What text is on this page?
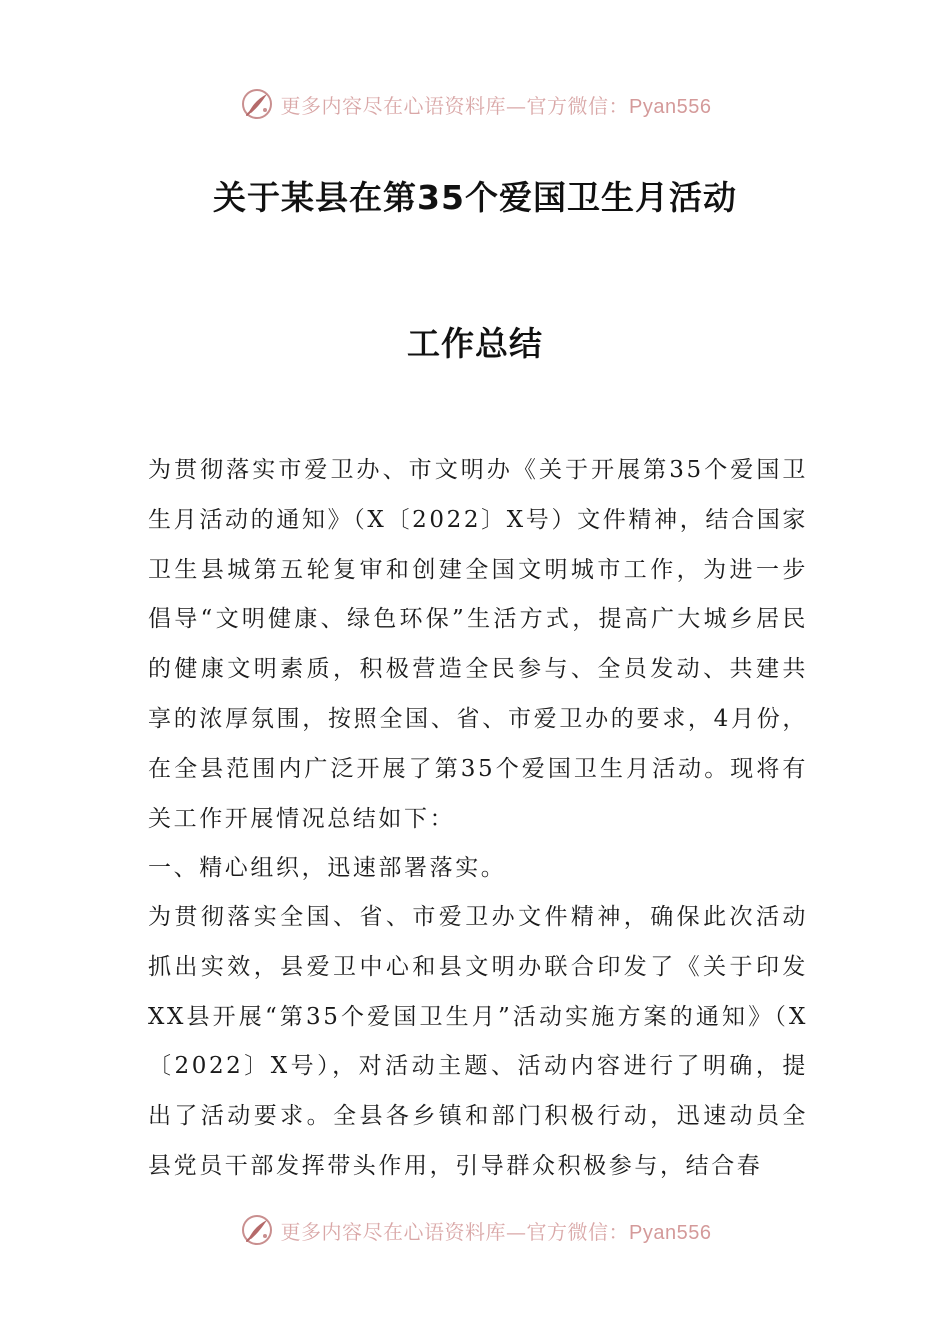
更多内容尽在心语资料库—官方微信：Pyan556
关于某县在第35个爱国卫生月活动
工作总结

为贯彻落实市爱卫办、市文明办《关于开展第35个爱国卫生月活动的通知》（X〔2022〕X号）文件精神，结合国家卫生县城第五轮复审和创建全国文明城市工作，为进一步倡导“文明健康、绿色环保”生活方式，提高广大城乡居民的健康文明素质，积极营造全民参与、全员发动、共建共享的浓厚氛围，按照全国、省、市爱卫办的要求，4月份，在全县范围内广泛开展了第35个爱国卫生月活动。现将有关工作开展情况总结如下：

一、精心组织，迅速部署落实。

为贯彻落实全国、省、市爱卫办文件精神，确保此次活动抓出实效，县爱卫中心和县文明办联合印发了《关于印发XX县开展“第35个爱国卫生月”活动实施方案的通知》（X〔2022〕X号），对活动主题、活动内容进行了明确，提出了活动要求。全县各乡镇和部门积极行动，迅速动员全县党员干部发挥带头作用，引导群众积极参与，结合春

更多内容尽在心语资料库—官方微信：Pyan556
